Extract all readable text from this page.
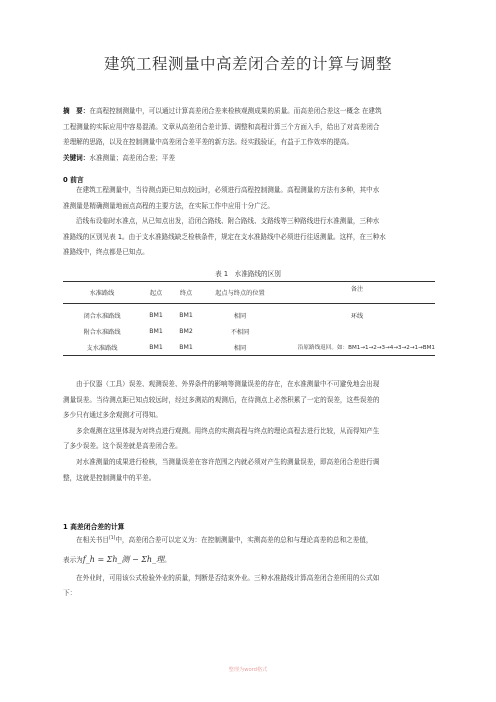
建筑工程测量中高差闭合差的计算与调整
摘　要：在高程控制测量中，可以通过计算高差闭合差来检核观测成果的质量。而高差闭合差这一概念 在建筑
工程测量的实际应用中容易混淆。文章从高差闭合差计算、调整和高程计算三个方面入手，给出了对高差闭合
差理解的思路，以及在控制测量中高差闭合差平差的新方法。经实践验证，有益于工作效率的提高。
关键词：水准测量；高差闭合差；平差
0 前言
在建筑工程测量中，当待测点距已知点较远时，必须进行高程控制测量。高程测量的方法有多种，其中水
准测量是精确测量地面点高程的主要方法，在实际工作中应用十分广泛。
沿线布设临时水准点，从已知点出发，沿闭合路线、附合路线、支路线等三种路线进行水准测量，三种水
准路线的区别见表 1。由于支水准路线缺乏检核条件，规定在支水准路线中必须进行往返测量。这样，在三种水
准路线中，终点都是已知点。
表 1　水准路线的区别
水准路线	起点	终点	起点与终点的位置	备注
闭合水准路线	BM1	BM1	相同	环线
附合水准路线	BM1	BM2	不相同	
支水准路线	BM1	BM1	相同	沿原路线返回。如：BM1→1→2→3→4→3→2→1→BM1
由于仪器（工具）误差、观测误差、外界条件的影响等测量误差的存在，在水准测量中不可避免地会出现
测量误差。当待测点距已知点较远时，经过多测站的观测后，在待测点上必然积累了一定的误差，这些误差的
多少只有通过多余观测才可得知。
多余观测在这里体现为对终点进行观测。用终点的实测高程与终点的理论高程去进行比较，从而得知产生
了多少误差。这个误差就是高差闭合差。
对水准测量的成果进行检核，当测量误差在容许范围之内就必须对产生的测量误差，即高差闭合差进行调
整，这就是控制测量中的平差。
1 高差闭合差的计算
在相关书目[1]中，高差闭合差可以定义为：在控制测量中，实测高差的总和与理论高差的总和之差值，
表示为f_h = Σh_测 − Σh_理。
在外业时，可用该公式检验外业的质量，判断是否结束外业。三种水准路线计算高差闭合差所用的公式如
下：
整理为word格式
